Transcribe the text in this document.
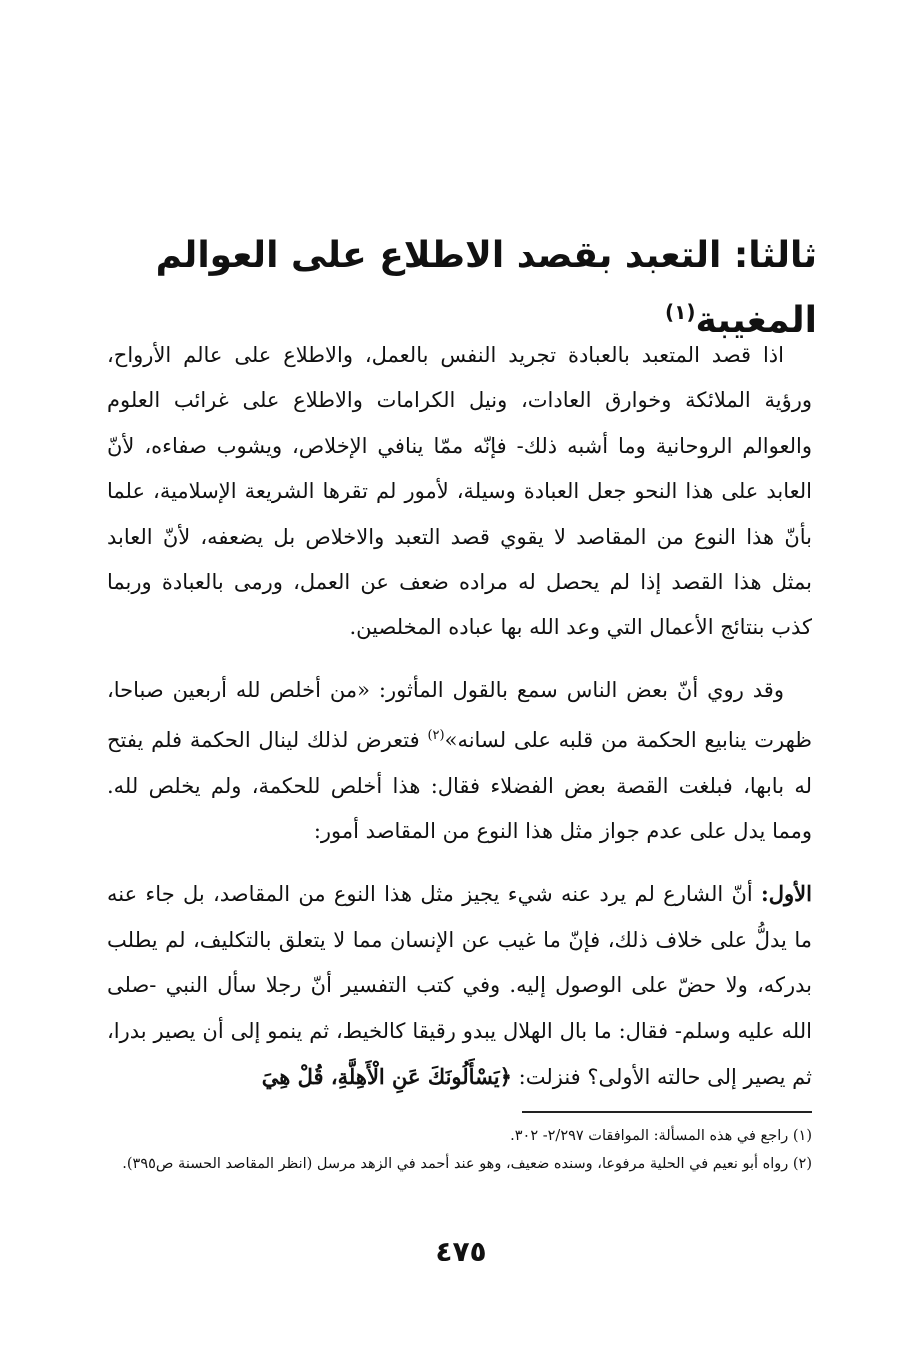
ثالثا: التعبد بقصد الاطلاع على العوالم المغيبة$^{(١)}$

اذا قصد المتعبد بالعبادة تجريد النفس بالعمل، والاطلاع على عالم الأرواح، ورؤية الملائكة وخوارق العادات، ونيل الكرامات والاطلاع على غرائب العلوم والعوالم الروحانية وما أشبه ذلك- فإنّه ممّا ينافي الإخلاص، ويشوب صفاءه، لأنّ العابد على هذا النحو جعل العبادة وسيلة، لأمور لم تقرها الشريعة الإسلامية، علما بأنّ هذا النوع من المقاصد لا يقوي قصد التعبد والاخلاص بل يضعفه، لأنّ العابد بمثل هذا القصد إذا لم يحصل له مراده ضعف عن العمل، ورمى بالعبادة وربما كذب بنتائج الأعمال التي وعد الله بها عباده المخلصين.

وقد روي أنّ بعض الناس سمع بالقول المأثور: «من أخلص لله أربعين صباحا، ظهرت ينابيع الحكمة من قلبه على لسانه»$^{(٢)}$ فتعرض لذلك لينال الحكمة فلم يفتح له بابها، فبلغت القصة بعض الفضلاء فقال: هذا أخلص للحكمة، ولم يخلص لله. ومما يدل على عدم جواز مثل هذا النوع من المقاصد أمور:

الأول: أنّ الشارع لم يرد عنه شيء يجيز مثل هذا النوع من المقاصد، بل جاء عنه ما يدلُّ على خلاف ذلك، فإنّ ما غيب عن الإنسان مما لا يتعلق بالتكليف، لم يطلب بدركه، ولا حضّ على الوصول إليه. وفي كتب التفسير أنّ رجلا سأل النبي -صلى الله عليه وسلم- فقال: ما بال الهلال يبدو رقيقا كالخيط، ثم ينمو إلى أن يصير بدرا، ثم يصير إلى حالته الأولى؟ فنزلت: ﴿يَسْأَلُونَكَ عَنِ الْأَهِلَّةِ، قُلْ هِيَ

(١) راجع في هذه المسألة: الموافقات ٢/٢٩٧- ٣٠٢.

(٢) رواه أبو نعيم في الحلية مرفوعا، وسنده ضعيف، وهو عند أحمد في الزهد مرسل (انظر المقاصد الحسنة ص٣٩٥).

٤٧٥
